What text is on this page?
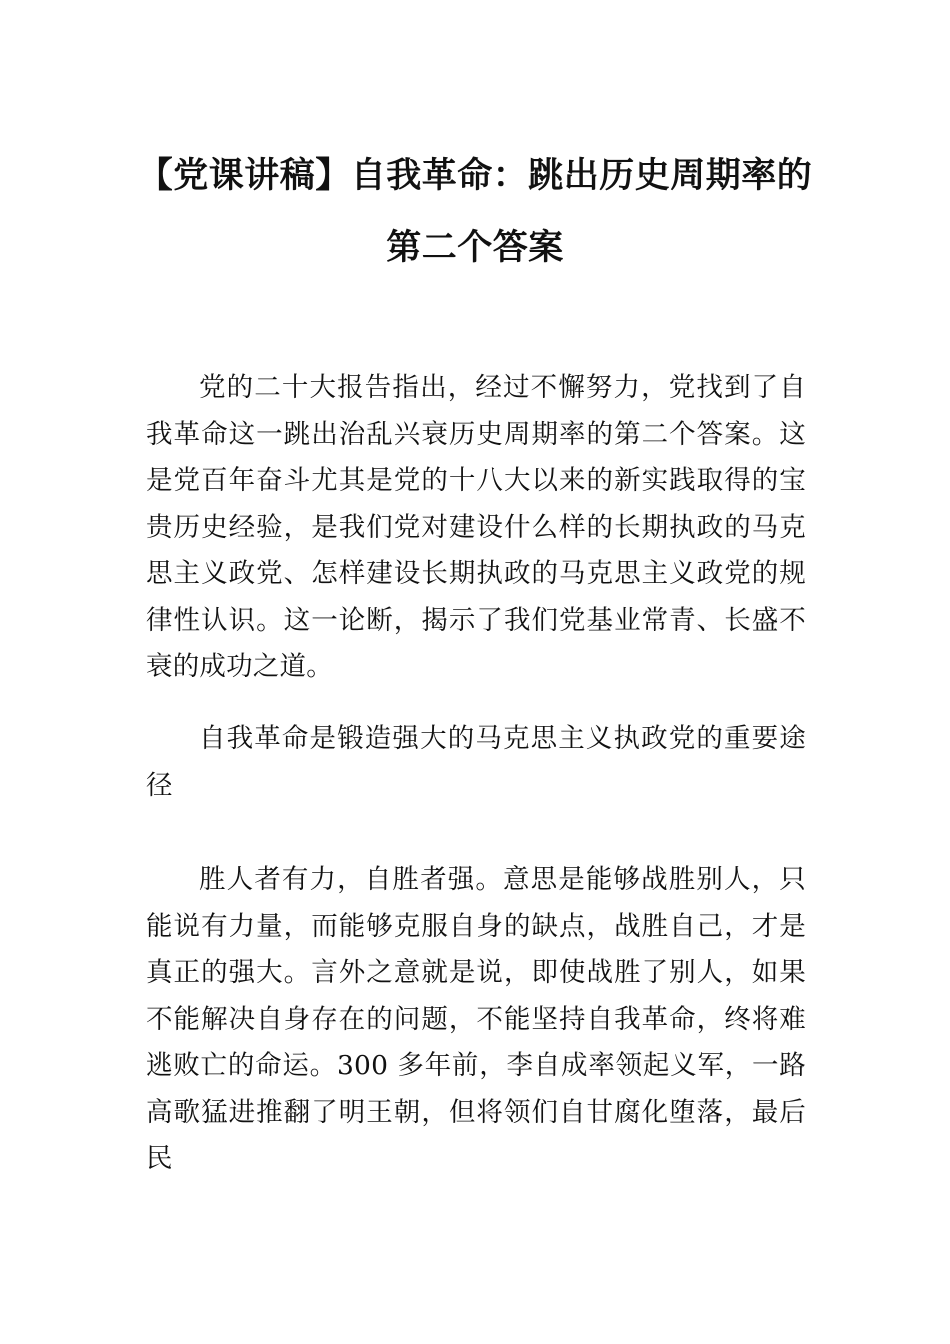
【党课讲稿】自我革命：跳出历史周期率的
第二个答案

党的二十大报告指出，经过不懈努力，党找到了自我革命这一跳出治乱兴衰历史周期率的第二个答案。这是党百年奋斗尤其是党的十八大以来的新实践取得的宝贵历史经验，是我们党对建设什么样的长期执政的马克思主义政党、怎样建设长期执政的马克思主义政党的规律性认识。这一论断，揭示了我们党基业常青、长盛不衰的成功之道。

自我革命是锻造强大的马克思主义执政党的重要途径

胜人者有力，自胜者强。意思是能够战胜别人，只能说有力量，而能够克服自身的缺点，战胜自己，才是真正的强大。言外之意就是说，即使战胜了别人，如果不能解决自身存在的问题，不能坚持自我革命，终将难逃败亡的命运。300 多年前，李自成率领起义军，一路高歌猛进推翻了明王朝，但将领们自甘腐化堕落，最后民
